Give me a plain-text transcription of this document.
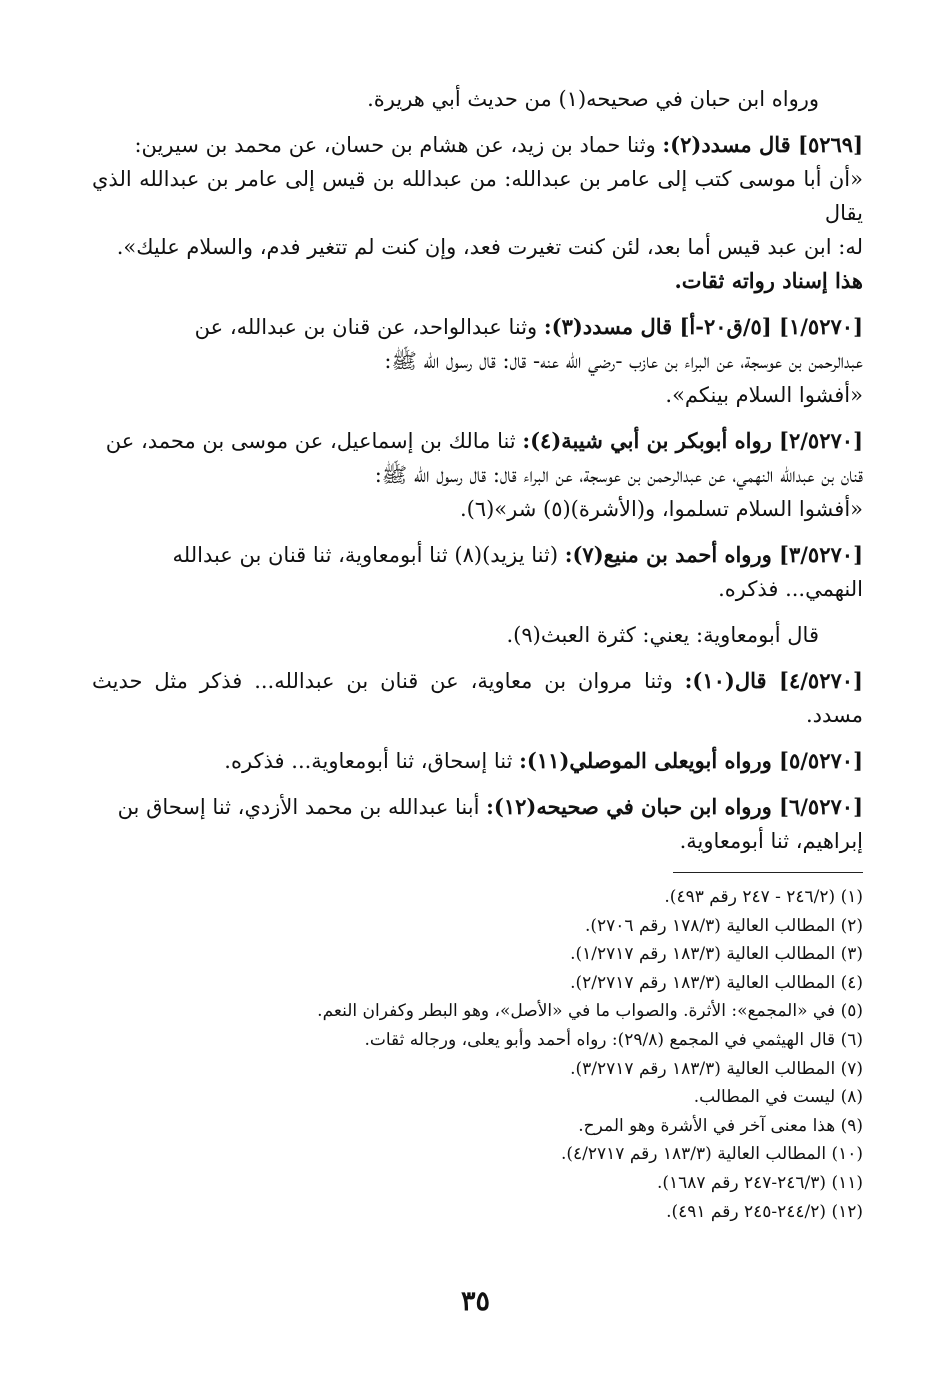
ورواه ابن حبان في صحيحه(١) من حديث أبي هريرة.

[٥٢٦٩] قال مسدد(٢): وثنا حماد بن زيد، عن هشام بن حسان، عن محمد بن سيرين:
«أن أبا موسى كتب إلى عامر بن عبدالله: من عبدالله بن قيس إلى عامر بن عبدالله الذي يقال
له: ابن عبد قيس أما بعد، لئن كنت تغيرت فعد، وإن كنت لم تتغير فدم، والسلام عليك».
هذا إسناد رواته ثقات.

[١/٥٢٧٠] [٥/ق٢٠-أ] قال مسدد(٣): وثنا عبدالواحد، عن قنان بن عبدالله، عن
عبدالرحمن بن عوسجة، عن البراء بن عازب -رضي الله عنه- قال: قال رسول الله ﷺ:
«أفشوا السلام بينكم».

[٢/٥٢٧٠] رواه أبوبكر بن أبي شيبة(٤): ثنا مالك بن إسماعيل، عن موسى بن محمد، عن
قنان بن عبدالله النهمي، عن عبدالرحمن بن عوسجة، عن البراء قال: قال رسول الله ﷺ:
«أفشوا السلام تسلموا، و(الأشرة)(٥) شر»(٦).

[٣/٥٢٧٠] ورواه أحمد بن منيع(٧): (ثنا يزيد)(٨) ثنا أبومعاوية، ثنا قنان بن عبدالله
النهمي... فذكره.

قال أبومعاوية: يعني: كثرة العبث(٩).

[٤/٥٢٧٠] قال(١٠): وثنا مروان بن معاوية، عن قنان بن عبدالله... فذكر مثل حديث مسدد.

[٥/٥٢٧٠] ورواه أبويعلى الموصلي(١١): ثنا إسحاق، ثنا أبومعاوية... فذكره.

[٦/٥٢٧٠] ورواه ابن حبان في صحيحه(١٢): أبنا عبدالله بن محمد الأزدي، ثنا إسحاق بن
إبراهيم، ثنا أبومعاوية.

(١) (٢٤٦/٢ - ٢٤٧ رقم ٤٩٣).
(٢) المطالب العالية (١٧٨/٣ رقم ٢٧٠٦).
(٣) المطالب العالية (١٨٣/٣ رقم ١/٢٧١٧).
(٤) المطالب العالية (١٨٣/٣ رقم ٢/٢٧١٧).
(٥) في «المجمع»: الأثرة. والصواب ما في «الأصل»، وهو البطر وكفران النعم.
(٦) قال الهيثمي في المجمع (٢٩/٨): رواه أحمد وأبو يعلى، ورجاله ثقات.
(٧) المطالب العالية (١٨٣/٣ رقم ٣/٢٧١٧).
(٨) ليست في المطالب.
(٩) هذا معنى آخر في الأشرة وهو المرح.
(١٠) المطالب العالية (١٨٣/٣ رقم ٤/٢٧١٧).
(١١) (٢٤٦/٣-٢٤٧ رقم ١٦٨٧).
(١٢) (٢٤٤/٢-٢٤٥ رقم ٤٩١).
٣٥
